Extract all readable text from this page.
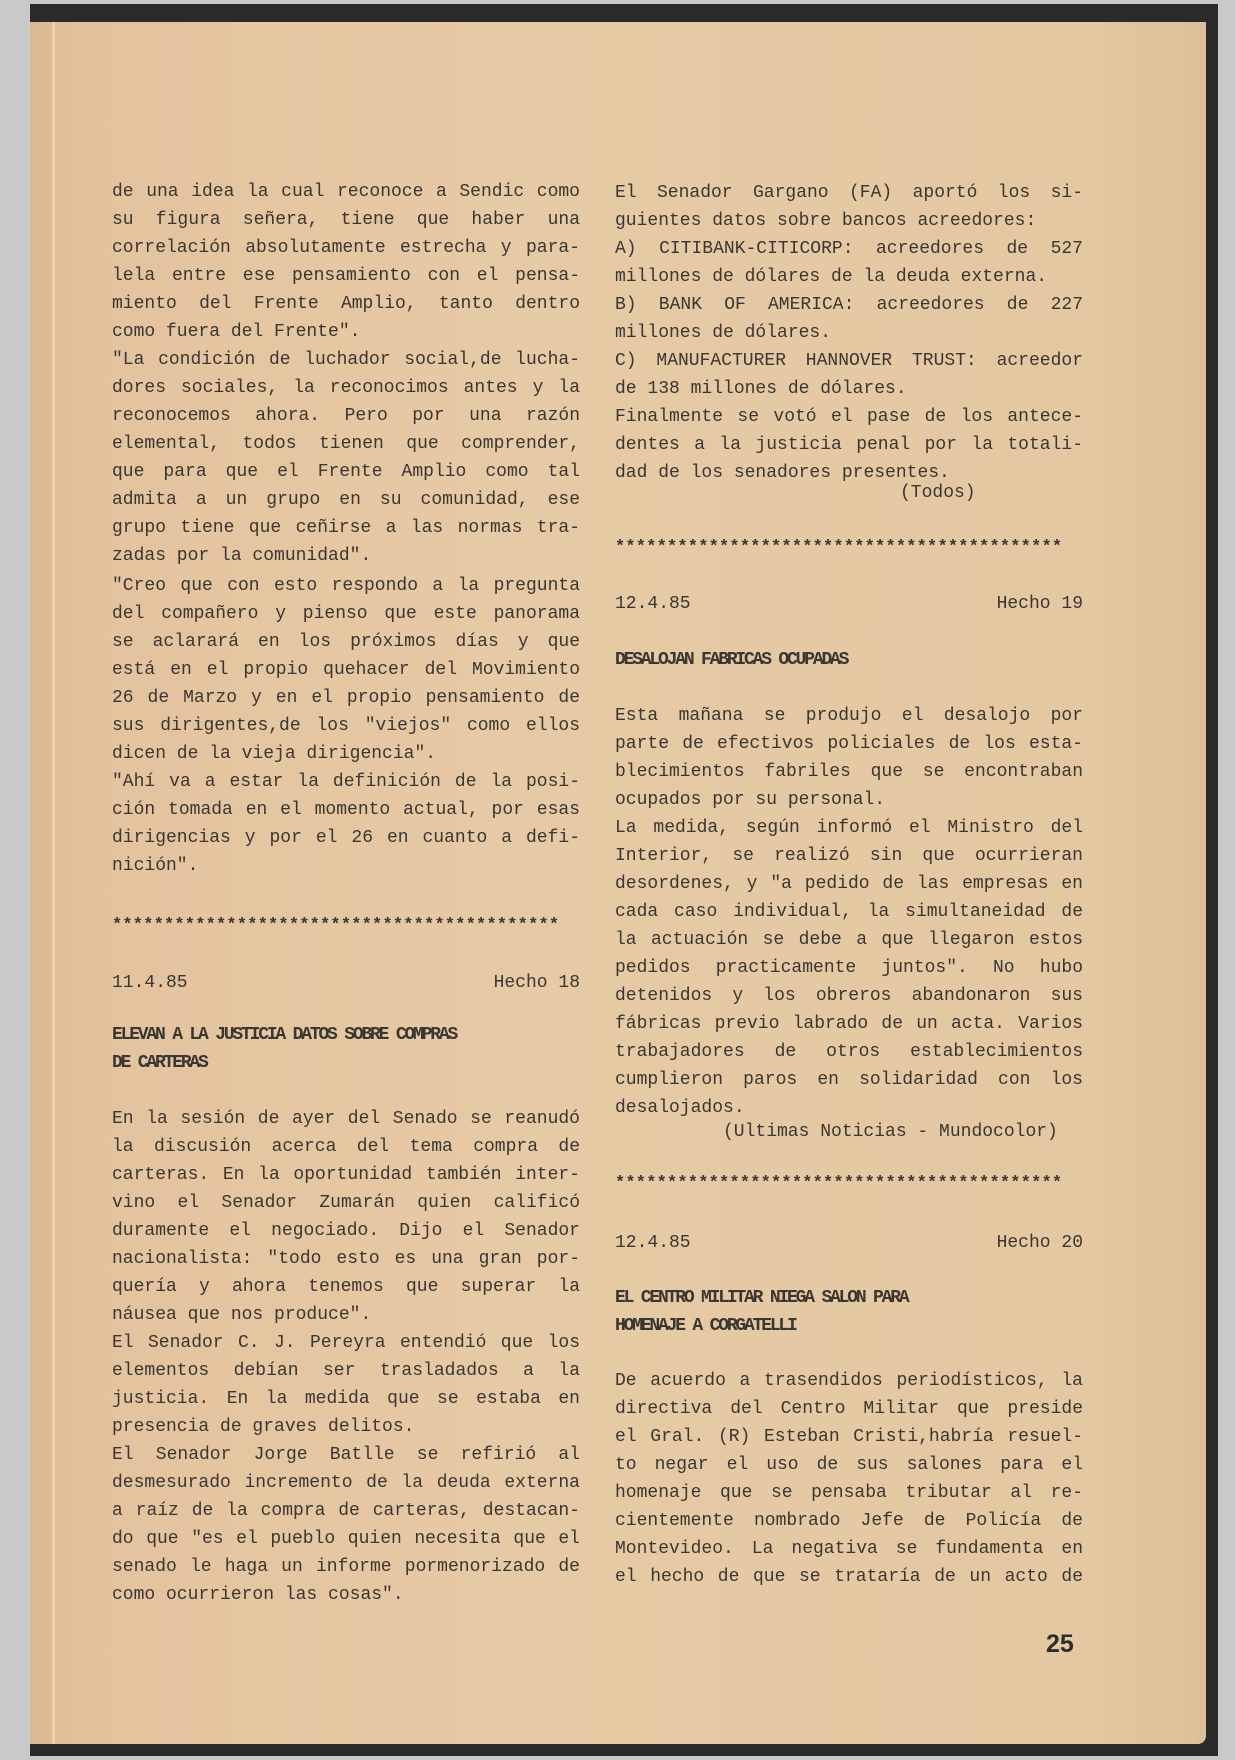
de una idea la cual reconoce a Sendic como
su figura señera, tiene que haber una
correlación absolutamente estrecha y para-
lela entre ese pensamiento con el pensa-
miento del Frente Amplio, tanto dentro
como fuera del Frente".
"La condición de luchador social,de lucha-
dores sociales, la reconocimos antes y la
reconocemos ahora. Pero por una razón
elemental, todos tienen que comprender,
que para que el Frente Amplio como tal
admita a un grupo en su comunidad, ese
grupo tiene que ceñirse a las normas tra-
zadas por la comunidad".
"Creo que con esto respondo a la pregunta
del compañero y pienso que este panorama
se aclarará en los próximos días y que
está en el propio quehacer del Movimiento
26 de Marzo y en el propio pensamiento de
sus dirigentes,de los "viejos" como ellos
dicen de la vieja dirigencia".
"Ahí va a estar la definición de la posi-
ción tomada en el momento actual, por esas
dirigencias y por el 26 en cuanto a defi-
nición".
*******************************************
11.4.85	Hecho 18
ELEVAN A LA JUSTICIA DATOS SOBRE COMPRAS
DE CARTERAS
En la sesión de ayer del Senado se reanudó
la discusión acerca del tema compra de
carteras. En la oportunidad también inter-
vino el Senador Zumarán quien calificó
duramente el negociado. Dijo el Senador
nacionalista: "todo esto es una gran por-
quería y ahora tenemos que superar la
náusea que nos produce".
El Senador C. J. Pereyra entendió que los
elementos debían ser trasladados a la
justicia. En la medida que se estaba en
presencia de graves delitos.
El Senador Jorge Batlle se refirió al
desmesurado incremento de la deuda externa
a raíz de la compra de carteras, destacan-
do que "es el pueblo quien necesita que el
senado le haga un informe pormenorizado de
como ocurrieron las cosas".
El Senador Gargano (FA) aportó los si-
guientes datos sobre bancos acreedores:
A) CITIBANK-CITICORP: acreedores de 527
millones de dólares de la deuda externa.
B) BANK OF AMERICA: acreedores de 227
millones de dólares.
C) MANUFACTURER HANNOVER TRUST: acreedor
de 138 millones de dólares.
Finalmente se votó el pase de los antece-
dentes a la justicia penal por la totali-
dad de los senadores presentes.
(Todos)
*******************************************
12.4.85	Hecho 19
DESALOJAN FABRICAS OCUPADAS
Esta mañana se produjo el desalojo por
parte de efectivos policiales de los esta-
blecimientos fabriles que se encontraban
ocupados por su personal.
La medida, según informó el Ministro del
Interior, se realizó sin que ocurrieran
desordenes, y "a pedido de las empresas en
cada caso individual, la simultaneidad de
la actuación se debe a que llegaron estos
pedidos practicamente juntos". No hubo
detenidos y los obreros abandonaron sus
fábricas previo labrado de un acta. Varios
trabajadores de otros establecimientos
cumplieron paros en solidaridad con los
desalojados.
(Ultimas Noticias - Mundocolor)
*******************************************
12.4.85	Hecho 20
EL CENTRO MILITAR NIEGA SALON PARA
HOMENAJE A CORGATELLI
De acuerdo a trasendidos periodísticos, la
directiva del Centro Militar que preside
el Gral. (R) Esteban Cristi,habría resuel-
to negar el uso de sus salones para el
homenaje que se pensaba tributar al re-
cientemente nombrado Jefe de Policía de
Montevideo. La negativa se fundamenta en
el hecho de que se trataría de un acto de
25
